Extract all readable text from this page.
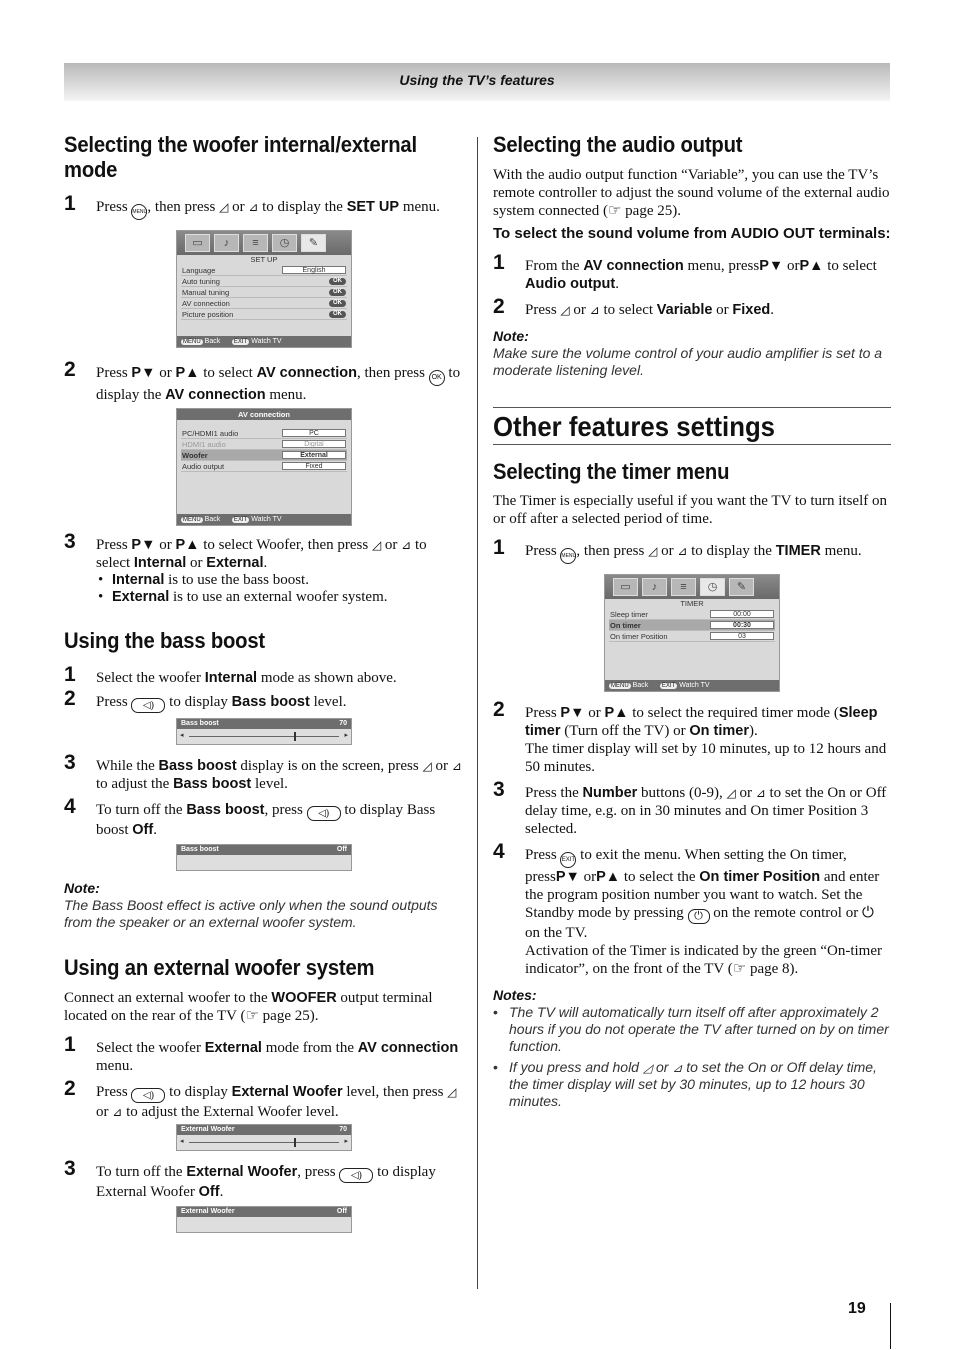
Using the TV’s features
Selecting the woofer internal/external mode
1 Press MENU, then press ◿ or ⊿ to display the SET UP menu.
▭	♪	≡	◷	✎
SET UP
Language	English
Auto tuning	OK
Manual tuning	OK
AV connection	OK
Picture position	OK
MENU Back EXIT Watch TV
2 Press P▼ or P▲ to select AV connection, then press OK to display the AV connection menu.
AV connection
PC/HDMI1 audio	PC
HDMI1 audio	Digital
Woofer	External
Audio output	Fixed
MENU Back EXIT Watch TV
3 Press P▼ or P▲ to select Woofer, then press ◿ or ⊿ to select Internal or External.
• Internal is to use the bass boost.
• External is to use an external woofer system.
Using the bass boost
1 Select the woofer Internal mode as shown above.
2 Press ◁) to display Bass boost level.
Bass boost	70
◂	▸
3 While the Bass boost display is on the screen, press ◿ or ⊿ to adjust the Bass boost level.
4 To turn off the Bass boost, press ◁) to display Bass boost Off.
Bass boost	Off

Note:

The Bass Boost effect is active only when the sound outputs from the speaker or an external woofer system.

Using an external woofer system

Connect an external woofer to the WOOFER output terminal located on the rear of the TV (☞ page 25).

1 Select the woofer External mode from the AV connection menu.
2 Press ◁) to display External Woofer level, then press ◿ or ⊿ to adjust the External Woofer level.
External Woofer	70
◂	▸
3 To turn off the External Woofer, press ◁) to display External Woofer Off.
External Woofer	Off
Selecting the audio output

With the audio output function “Variable”, you can use the TV’s remote controller to adjust the sound volume of the external audio system connected (☞ page 25).

To select the sound volume from AUDIO OUT terminals:

1 From the AV connection menu, pressP▼ orP▲ to select Audio output.
2 Press ◿ or ⊿ to select Variable or Fixed.

Note:

Make sure the volume control of your audio amplifier is set to a moderate listening level.

Other features settings
Selecting the timer menu

The Timer is especially useful if you want the TV to turn itself on or off after a selected period of time.

1 Press MENU, then press ◿ or ⊿ to display the TIMER menu.
▭	♪	≡	◷	✎
TIMER
Sleep timer	00:00
On timer	00:30
On timer Position	03
MENU Back EXIT Watch TV
2 Press P▼ or P▲ to select the required timer mode (Sleep timer (Turn off the TV) or On timer).
The timer display will set by 10 minutes, up to 12 hours and 50 minutes.
3 Press the Number buttons (0-9), ◿ or ⊿ to set the On or Off delay time, e.g. on in 30 minutes and On timer Position 3 selected.
4 Press EXIT to exit the menu. When setting the On timer, pressP▼ orP▲ to select the On timer Position and enter the program position number you want to watch. Set the Standby mode by pressing ⏻ on the remote control or ⏻ on the TV.
Activation of the Timer is indicated by the green “On-timer indicator”, on the front of the TV (☞ page 8).

Notes:

• The TV will automatically turn itself off after approximately 2 hours if you do not operate the TV after turned on by on timer function.
• If you press and hold ◿ or ⊿ to set the On or Off delay time, the timer display will set by 30 minutes, up to 12 hours 30 minutes.
19
